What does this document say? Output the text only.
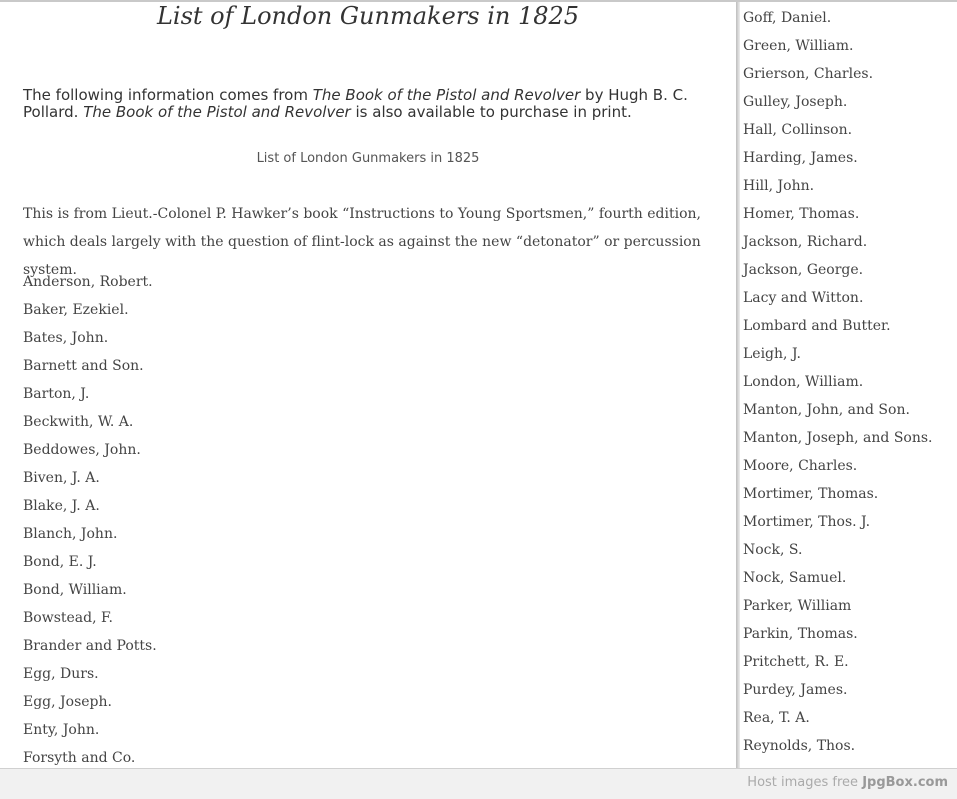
List of London Gunmakers in 1825

The following information comes from The Book of the Pistol and Revolver by Hugh B. C. Pollard. The Book of the Pistol and Revolver is also available to purchase in print.

List of London Gunmakers in 1825

This is from Lieut.-Colonel P. Hawker’s book “Instructions to Young Sportsmen,” fourth edition, which deals largely with the question of flint-lock as against the new “detonator” or percussion system.

Anderson, Robert.
Baker, Ezekiel.
Bates, John.
Barnett and Son.
Barton, J.
Beckwith, W. A.
Beddowes, John.
Biven, J. A.
Blake, J. A.
Blanch, John.
Bond, E. J.
Bond, William.
Bowstead, F.
Brander and Potts.
Egg, Durs.
Egg, Joseph.
Enty, John.
Forsyth and Co.
Goff, Daniel.
Green, William.
Grierson, Charles.
Gulley, Joseph.
Hall, Collinson.
Harding, James.
Hill, John.
Homer, Thomas.
Jackson, Richard.
Jackson, George.
Lacy and Witton.
Lombard and Butter.
Leigh, J.
London, William.
Manton, John, and Son.
Manton, Joseph, and Sons.
Moore, Charles.
Mortimer, Thomas.
Mortimer, Thos. J.
Nock, S.
Nock, Samuel.
Parker, William
Parkin, Thomas.
Pritchett, R. E.
Purdey, James.
Rea, T. A.
Reynolds, Thos.
Host images free JpgBox.com
